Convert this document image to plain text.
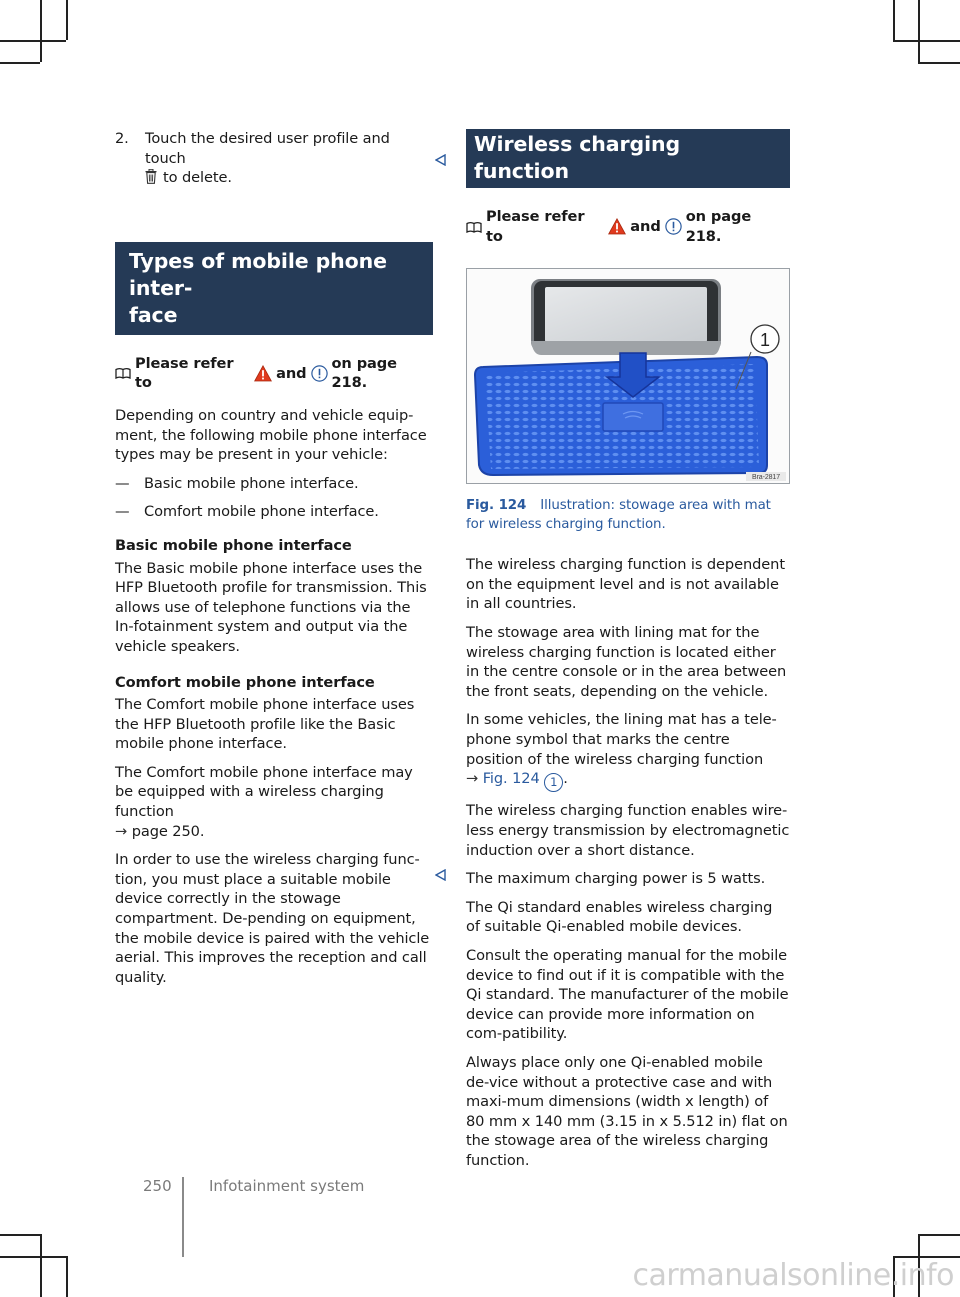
2.	Touch the desired user profile and touch
to delete.
Types of mobile phone inter-
face
Please refer to
and
on page 218.

Depending on country and vehicle equip-ment, the following mobile phone interface types may be present in your vehicle:

— Basic mobile phone interface.
— Comfort mobile phone interface.

Basic mobile phone interface

The Basic mobile phone interface uses the HFP Bluetooth profile for transmission. This allows use of telephone functions via the In-fotainment system and output via the vehicle speakers.

Comfort mobile phone interface

The Comfort mobile phone interface uses the HFP Bluetooth profile like the Basic mobile phone interface.

The Comfort mobile phone interface may be equipped with a wireless charging function
→ page 250.

In order to use the wireless charging func-tion, you must place a suitable mobile device correctly in the stowage compartment. De-pending on equipment, the mobile device is paired with the vehicle aerial. This improves the reception and call quality.

Wireless charging function
Please refer to
and
on page 218.
1
Bra-2817
Fig. 124 Illustration: stowage area with mat for wireless charging function.

The wireless charging function is dependent on the equipment level and is not available in all countries.

The stowage area with lining mat for the wireless charging function is located either in the centre console or in the area between the front seats, depending on the vehicle.

In some vehicles, the lining mat has a tele-phone symbol that marks the centre position of the wireless charging function
→ Fig. 124 1 .

The wireless charging function enables wire-less energy transmission by electromagnetic induction over a short distance.

The maximum charging power is 5 watts.

The Qi standard enables wireless charging of suitable Qi-enabled mobile devices.

Consult the operating manual for the mobile device to find out if it is compatible with the Qi standard. The manufacturer of the mobile device can provide more information on com-patibility.

Always place only one Qi-enabled mobile de-vice without a protective case and with maxi-mum dimensions (width x length) of 80 mm x 140 mm (3.15 in x 5.512 in) flat on the stowage area of the wireless charging function.

250 Infotainment system
carmanualsonline.info
